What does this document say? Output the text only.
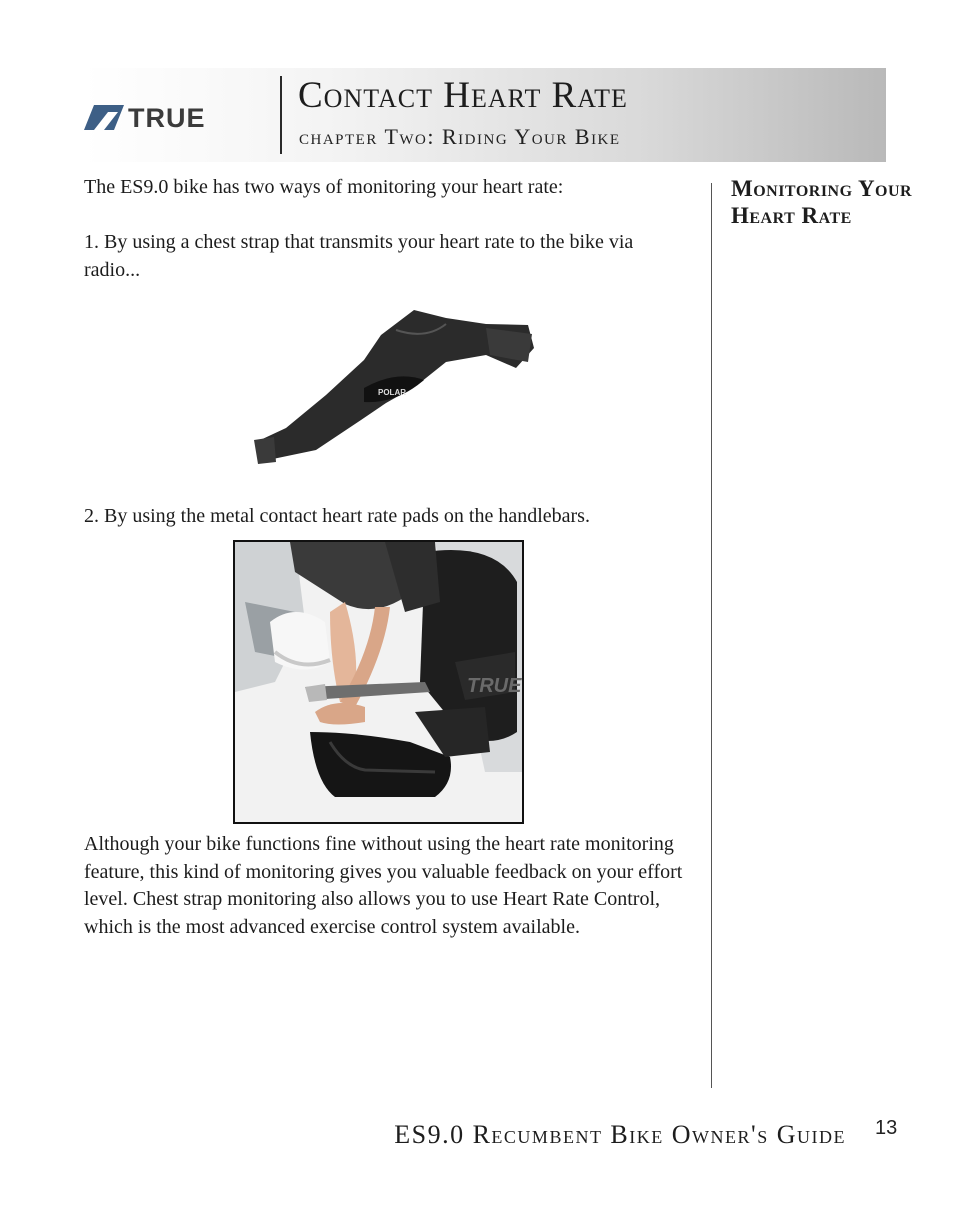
TRUE
Contact Heart Rate
chapter Two: Riding Your Bike
The ES9.0 bike has two ways of monitoring your heart rate:
1. By using a chest strap that transmits your heart rate to the bike via radio...
POLAR
2. By using the metal contact heart rate pads on the handlebars.
TRUE
Although your bike functions fine without using the heart rate monitoring feature, this kind of monitoring gives you valuable feedback on your effort level. Chest strap monitoring also allows you to use Heart Rate Control, which is the most advanced exercise control system available.
Monitoring Your Heart Rate
ES9.0 Recumbent Bike Owner's Guide 13
